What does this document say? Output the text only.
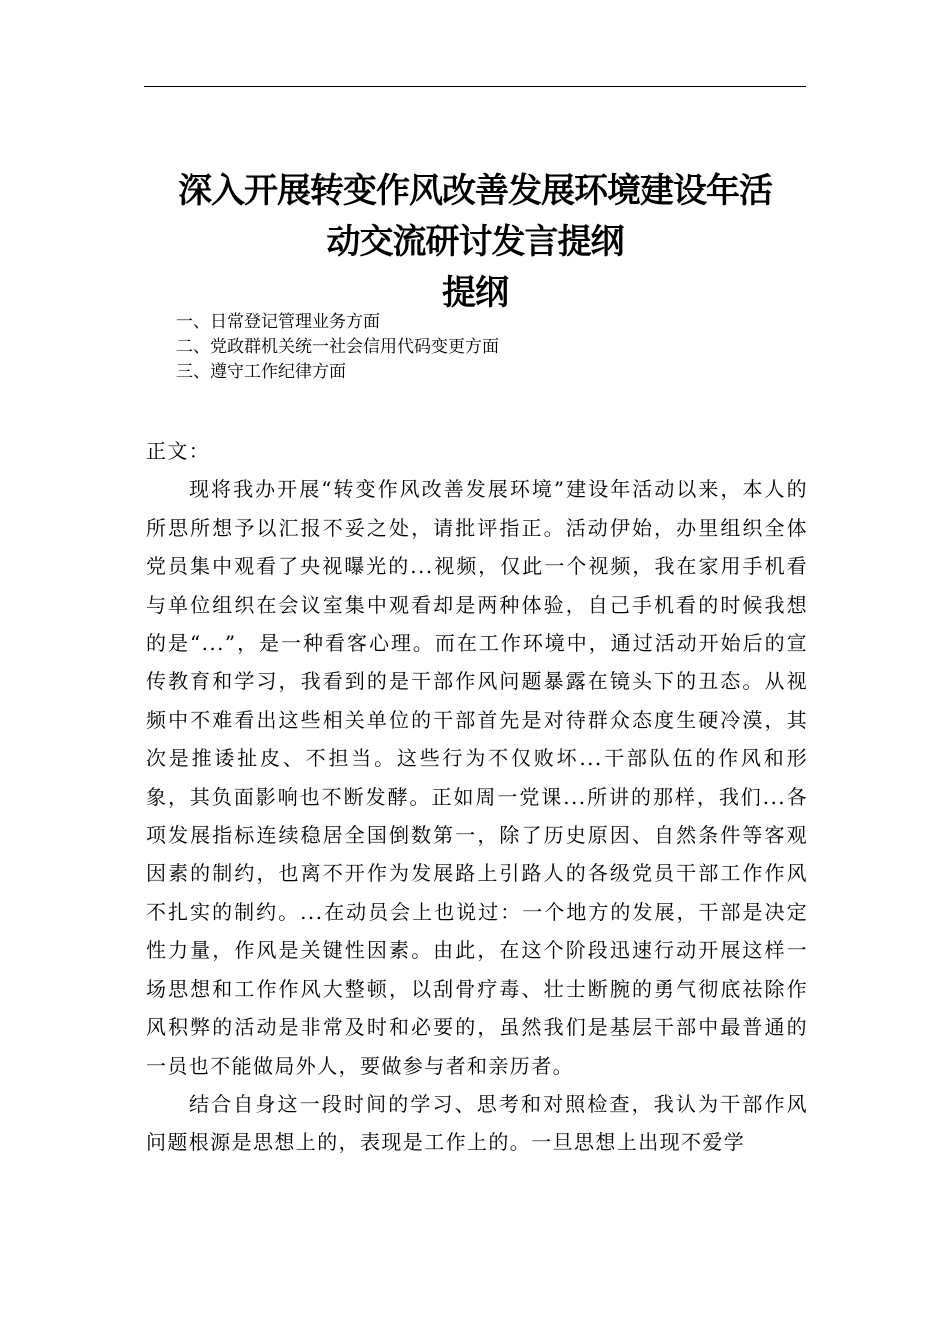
深入开展转变作风改善发展环境建设年活
动交流研讨发言提纲
提纲
一、日常登记管理业务方面
二、党政群机关统一社会信用代码变更方面
三、遵守工作纪律方面
正文：

现将我办开展“转变作风改善发展环境”建设年活动以来，本人的所思所想予以汇报不妥之处，请批评指正。活动伊始，办里组织全体党员集中观看了央视曝光的...视频，仅此一个视频，我在家用手机看与单位组织在会议室集中观看却是两种体验，自己手机看的时候我想的是“...”，是一种看客心理。而在工作环境中，通过活动开始后的宣传教育和学习，我看到的是干部作风问题暴露在镜头下的丑态。从视频中不难看出这些相关单位的干部首先是对待群众态度生硬冷漠，其次是推诿扯皮、不担当。这些行为不仅败坏...干部队伍的作风和形象，其负面影响也不断发酵。正如周一党课...所讲的那样，我们...各项发展指标连续稳居全国倒数第一，除了历史原因、自然条件等客观因素的制约，也离不开作为发展路上引路人的各级党员干部工作作风不扎实的制约。...在动员会上也说过：一个地方的发展，干部是决定性力量，作风是关键性因素。由此，在这个阶段迅速行动开展这样一场思想和工作作风大整顿，以刮骨疗毒、壮士断腕的勇气彻底祛除作风积弊的活动是非常及时和必要的，虽然我们是基层干部中最普通的一员也不能做局外人，要做参与者和亲历者。

结合自身这一段时间的学习、思考和对照检查，我认为干部作风问题根源是思想上的，表现是工作上的。一旦思想上出现不爱学
